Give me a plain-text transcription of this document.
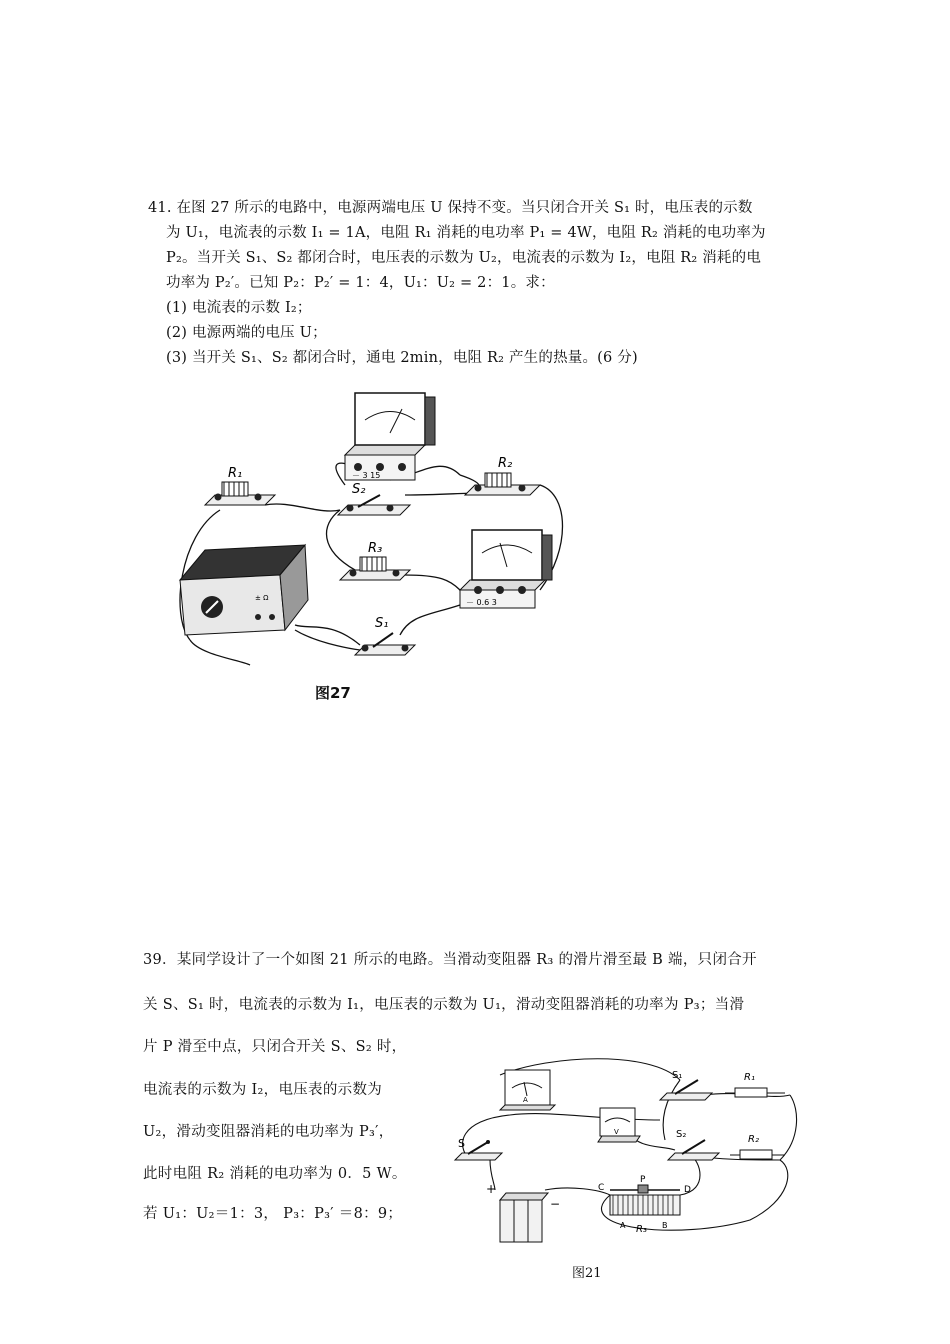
41. 在图 27 所示的电路中，电源两端电压 U 保持不变。当只闭合开关 S₁ 时，电压表的示数

为 U₁，电流表的示数 I₁ = 1A，电阻 R₁ 消耗的电功率 P₁ = 4W，电阻 R₂ 消耗的电功率为

P₂。当开关 S₁、S₂ 都闭合时，电压表的示数为 U₂，电流表的示数为 I₂，电阻 R₂ 消耗的电

功率为 P₂′。已知 P₂：P₂′ = 1：4，U₁：U₂ = 2：1。求：

(1) 电流表的示数 I₂；

(2) 电源两端的电压 U；

(3) 当开关 S₁、S₂ 都闭合时，通电 2min，电阻 R₂ 产生的热量。(6 分)

－ 3 15
R₁
S₂
R₂
R₃
－ 0.6 3
± Ω
S₁
图27

39．某同学设计了一个如图 21 所示的电路。当滑动变阻器 R₃ 的滑片滑至最 B 端，只闭合开

关 S、S₁ 时，电流表的示数为 I₁，电压表的示数为 U₁，滑动变阻器消耗的功率为 P₃；当滑

片 P 滑至中点，只闭合开关 S、S₂ 时，

电流表的示数为 I₂，电压表的示数为

U₂，滑动变阻器消耗的电功率为 P₃′，

此时电阻 R₂ 消耗的电功率为 0．5 W。

若 U₁：U₂＝1：3， P₃：P₃′ ＝8：9；

A
S
V
S₁	R₁
S₂	R₂
+
−
P
C	D
A R₃ B
图21
